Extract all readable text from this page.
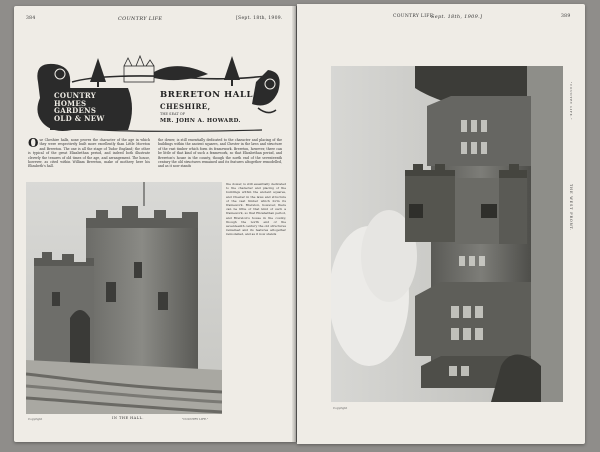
384	COUNTRY LIFE	[Sept. 18th, 1909.
COUNTRY
HOMES
GARDENS
OLD & NEW
BRERETON HALL,
CHESHIRE,
THE SEAT OF
MR. JOHN A. HOWARD.
Our Cheshire halls, none proves the character of the age in which they were respectively built more excellently than Little Moreton and Brereton. The one is all the stage of Tudor England; the other is typical of the great Elizabethan period, and indeed both illustrate cleverly the tenures of old times of the age, and arrangement. The house, however, as cited within William Brereton, make of mothery here his Elizabeth's hall.
the dower, is still essentially dedicated to the character and placing of the buildings within the ancient squares, and Chester in the laws and structure of the vast timber which form its framework. Brereton, however, there can be little of that kind of such a framework, so that Elizabethan period, and Brereton's house in the county, though the north end of the seventeenth century the old structures remained and its features altogether remodelled, and as it now stands
Copyright	IN THE HALL.	"COUNTRY LIFE."
the dower, is still essentially dedicated to the character and placing of the buildings within the ancient squares, and Chester in the laws and structure of the vast timber which form its framework. Brereton, however, there can be little of that kind of such a framework, so that Elizabethan period, and Brereton's house in the county, though the north end of the seventeenth century the old structures remained and its features altogether remodelled, and as it now stands
COUNTRY LIFE
Sept. 18th, 1909.]	389
Copyright
THE WEST FRONT.
"COUNTRY LIFE."
